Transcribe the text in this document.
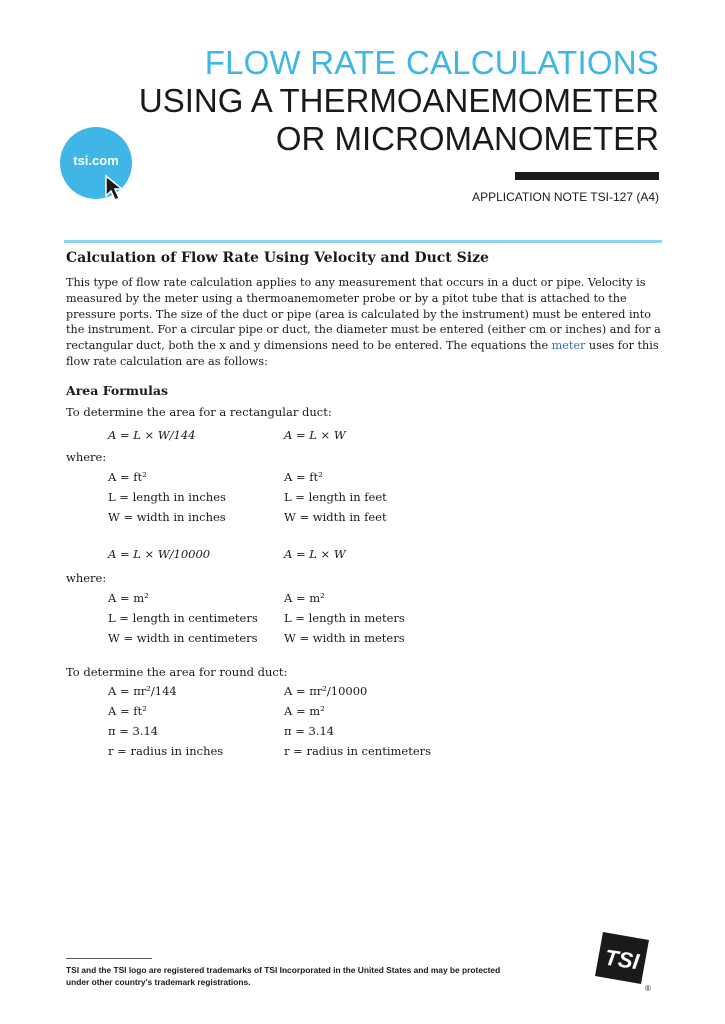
FLOW RATE CALCULATIONS
USING A THERMOANEMOMETER
OR MICROMANOMETER
APPLICATION NOTE TSI-127 (A4)
tsi.com
Calculation of Flow Rate Using Velocity and Duct Size

This type of flow rate calculation applies to any measurement that occurs in a duct or pipe. Velocity is

measured by the meter using a thermoanemometer probe or by a pitot tube that is attached to the

pressure ports. The size of the duct or pipe (area is calculated by the instrument) must be entered into

the instrument. For a circular pipe or duct, the diameter must be entered (either cm or inches) and for a

rectangular duct, both the x and y dimensions need to be entered. The equations the meter uses for this

flow rate calculation are as follows:

Area Formulas
To determine the area for a rectangular duct:
A = L × W/144	A = L × W
where:
A = ft²
L = length in inches
W = width in inches
A = ft²
L = length in feet
W = width in feet
A = L × W/10000	A = L × W
where:
A = m²
L = length in centimeters
W = width in centimeters
A = m²
L = length in meters
W = width in meters
To determine the area for round duct:
A = πr²/144
A = ft²
π = 3.14
r = radius in inches
A = πr²/10000
A = m²
π = 3.14
r = radius in centimeters

TSI and the TSI logo are registered trademarks of TSI Incorporated in the United States and may be protected

under other country's trademark registrations.

TSI
®
